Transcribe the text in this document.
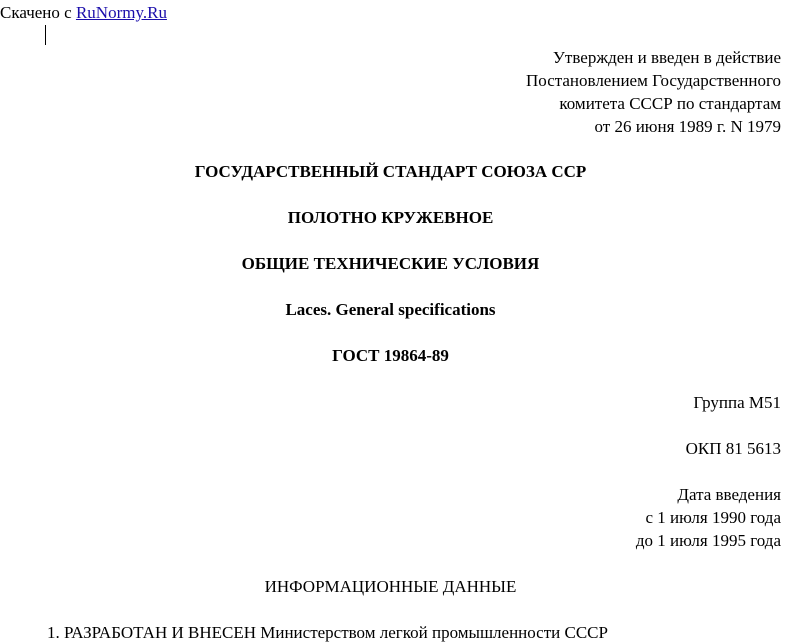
Скачено с RuNormy.Ru
Утвержден и введен в действие
Постановлением Государственного
комитета СССР по стандартам
от 26 июня 1989 г. N 1979
ГОСУДАРСТВЕННЫЙ СТАНДАРТ СОЮЗА ССР
ПОЛОТНО КРУЖЕВНОЕ
ОБЩИЕ ТЕХНИЧЕСКИЕ УСЛОВИЯ
Laces. General specifications
ГОСТ 19864-89
Группа М51
ОКП 81 5613
Дата введения
с 1 июля 1990 года
до 1 июля 1995 года
ИНФОРМАЦИОННЫЕ ДАННЫЕ
1. РАЗРАБОТАН И ВНЕСЕН Министерством легкой промышленности СССР
